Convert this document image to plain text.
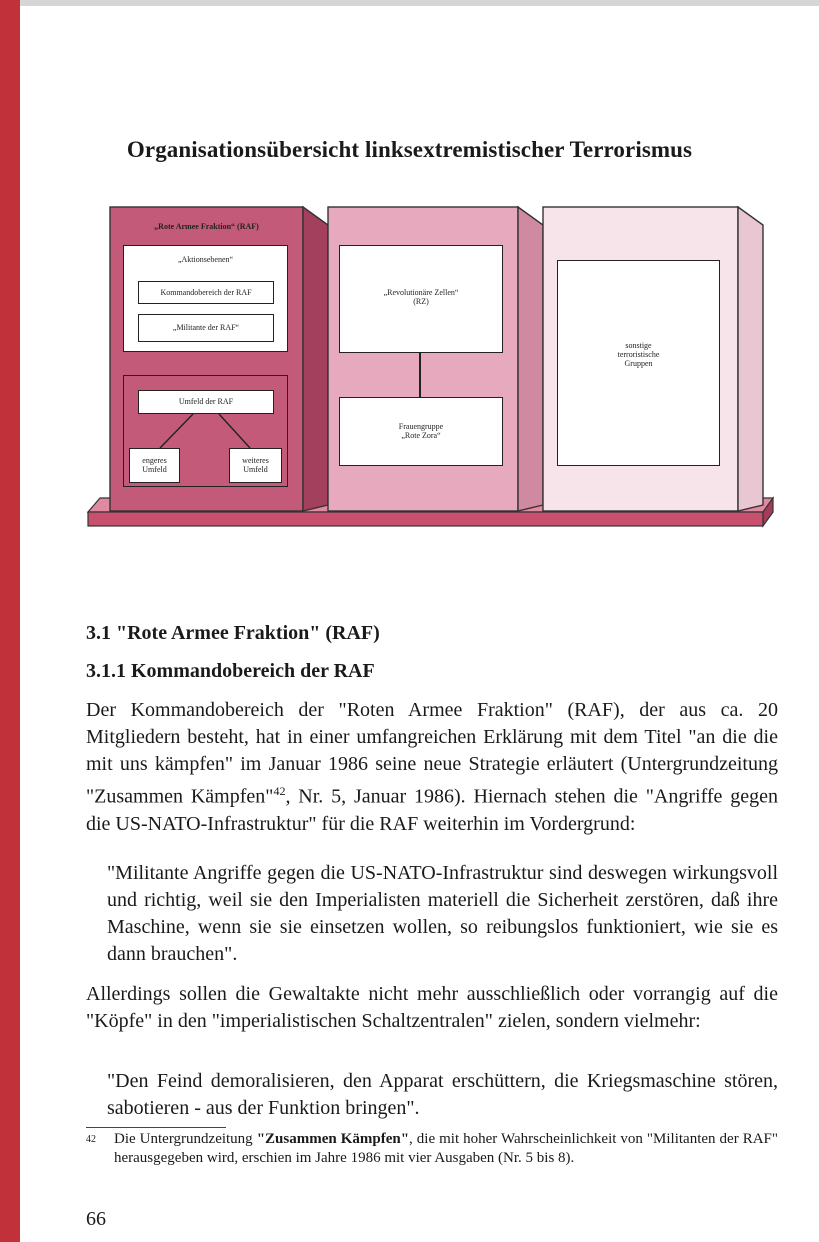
Organisationsübersicht linksextremistischer Terrorismus
„Rote Armee Fraktion“ (RAF)
„Aktionsebenen“
Kommandobereich der RAF
„Militante der RAF“
Umfeld der RAF
engeres
Umfeld
weiteres
Umfeld
„Revolutionäre Zellen“
(RZ)
Frauengruppe
„Rote Zora“
sonstige
terroristische
Gruppen
3.1 "Rote Armee Fraktion" (RAF)
3.1.1 Kommandobereich der RAF
Der Kommandobereich der "Roten Armee Fraktion" (RAF), der aus ca. 20 Mitgliedern besteht, hat in einer umfangreichen Erklärung mit dem Titel "an die die mit uns kämpfen" im Januar 1986 seine neue Strategie erläutert (Untergrundzeitung "Zusammen Kämpfen"$^{42}$, Nr. 5, Januar 1986). Hiernach stehen die "Angriffe gegen die US-NATO-Infrastruktur" für die RAF weiterhin im Vordergrund:
"Militante Angriffe gegen die US-NATO-Infrastruktur sind deswegen wirkungsvoll und richtig, weil sie den Imperialisten materiell die Sicherheit zerstören, daß ihre Maschine, wenn sie sie einsetzen wollen, so reibungslos funktioniert, wie sie es dann brauchen".
Allerdings sollen die Gewaltakte nicht mehr ausschließlich oder vorrangig auf die "Köpfe" in den "imperialistischen Schaltzentralen" zielen, sondern vielmehr:
"Den Feind demoralisieren, den Apparat erschüttern, die Kriegsmaschine stören, sabotieren - aus der Funktion bringen".
42 Die Untergrundzeitung "Zusammen Kämpfen", die mit hoher Wahrscheinlichkeit von "Militanten der RAF" herausgegeben wird, erschien im Jahre 1986 mit vier Ausgaben (Nr. 5 bis 8).
66
